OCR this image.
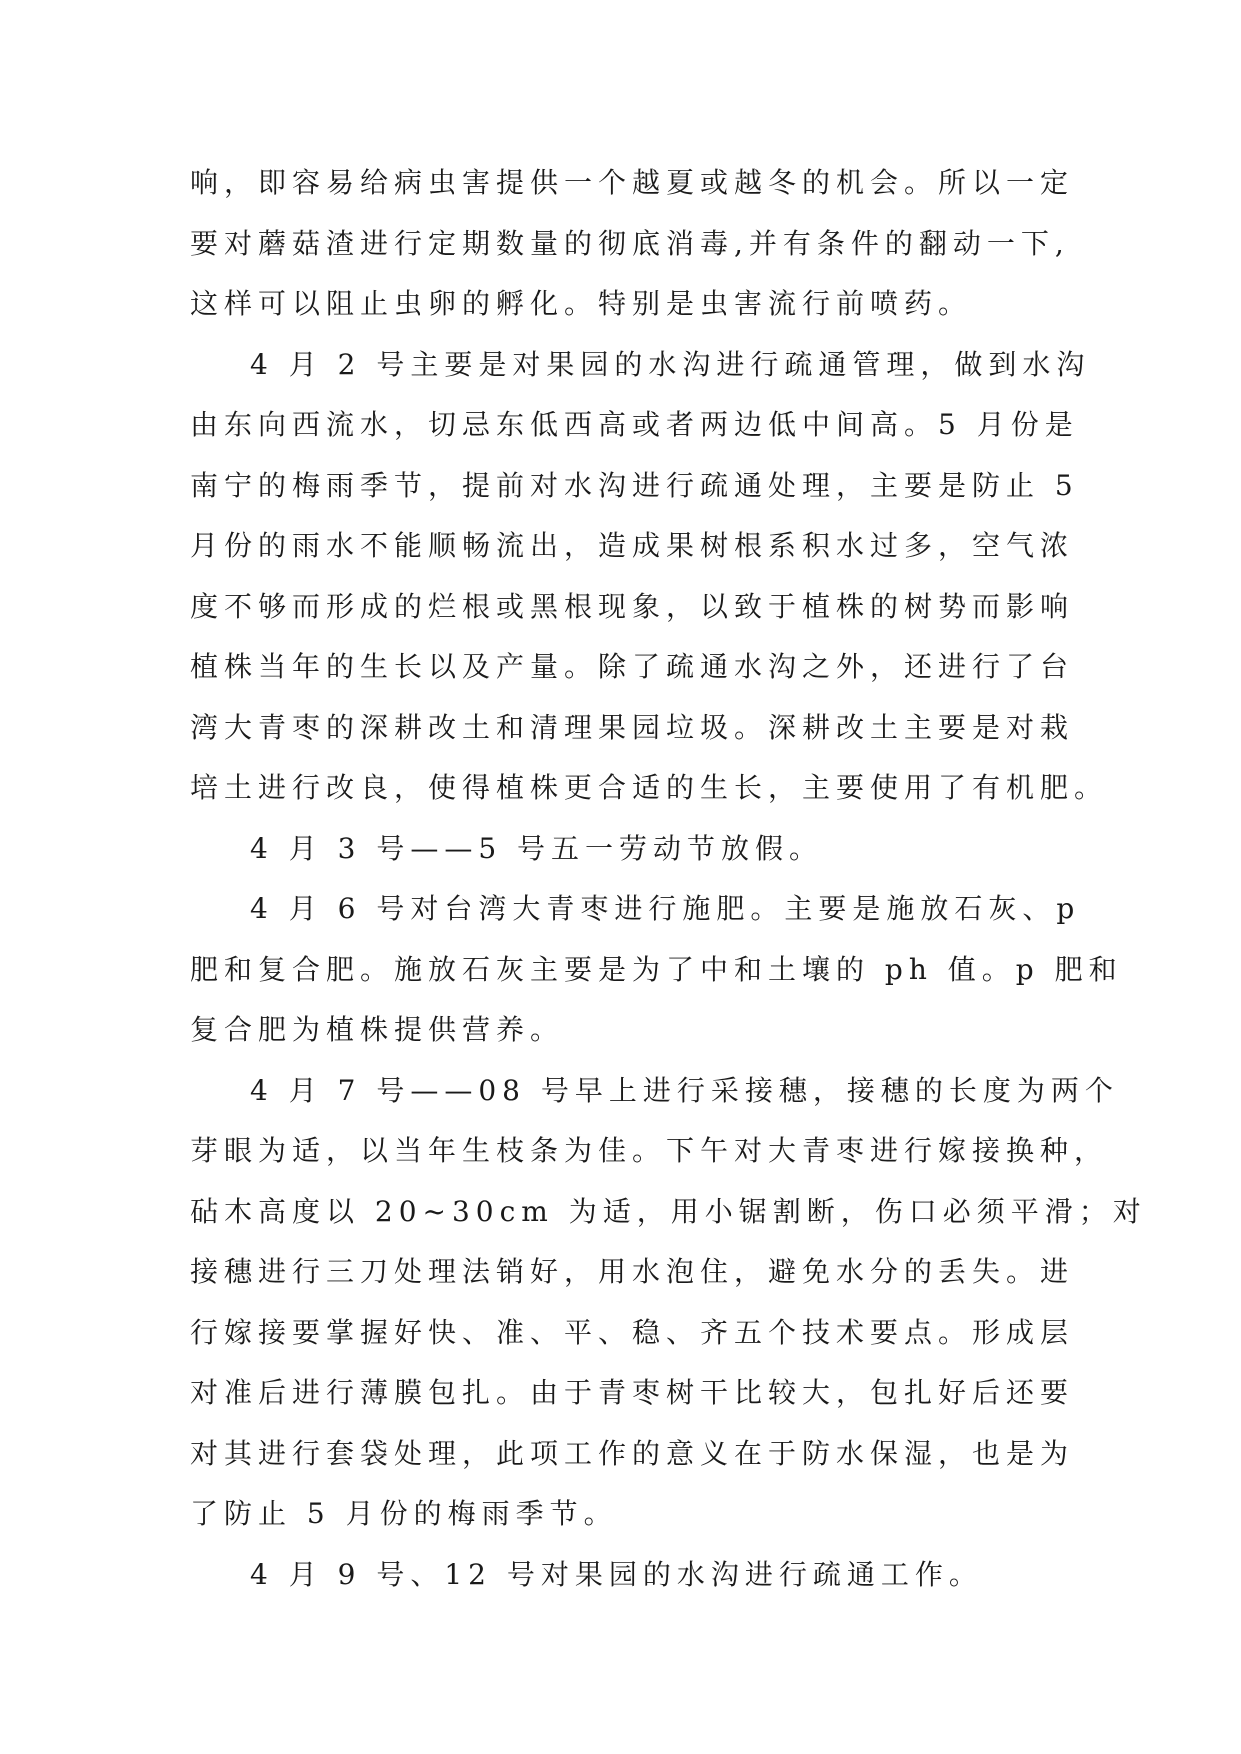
响，即容易给病虫害提供一个越夏或越冬的机会。所以一定
要对蘑菇渣进行定期数量的彻底消毒,并有条件的翻动一下,
这样可以阻止虫卵的孵化。特别是虫害流行前喷药。
4 月 2 号主要是对果园的水沟进行疏通管理，做到水沟
由东向西流水，切忌东低西高或者两边低中间高。5 月份是
南宁的梅雨季节，提前对水沟进行疏通处理，主要是防止 5
月份的雨水不能顺畅流出，造成果树根系积水过多，空气浓
度不够而形成的烂根或黑根现象，以致于植株的树势而影响
植株当年的生长以及产量。除了疏通水沟之外，还进行了台
湾大青枣的深耕改土和清理果园垃圾。深耕改土主要是对栽
培土进行改良，使得植株更合适的生长，主要使用了有机肥。
4 月 3 号——5 号五一劳动节放假。
4 月 6 号对台湾大青枣进行施肥。主要是施放石灰、p
肥和复合肥。施放石灰主要是为了中和土壤的 ph 值。p 肥和
复合肥为植株提供营养。
4 月 7 号——08 号早上进行采接穗，接穗的长度为两个
芽眼为适，以当年生枝条为佳。下午对大青枣进行嫁接换种，
砧木高度以 20~30cm 为适，用小锯割断，伤口必须平滑；对
接穗进行三刀处理法销好，用水泡住，避免水分的丢失。进
行嫁接要掌握好快、准、平、稳、齐五个技术要点。形成层
对准后进行薄膜包扎。由于青枣树干比较大，包扎好后还要
对其进行套袋处理，此项工作的意义在于防水保湿，也是为
了防止 5 月份的梅雨季节。
4 月 9 号、12 号对果园的水沟进行疏通工作。
